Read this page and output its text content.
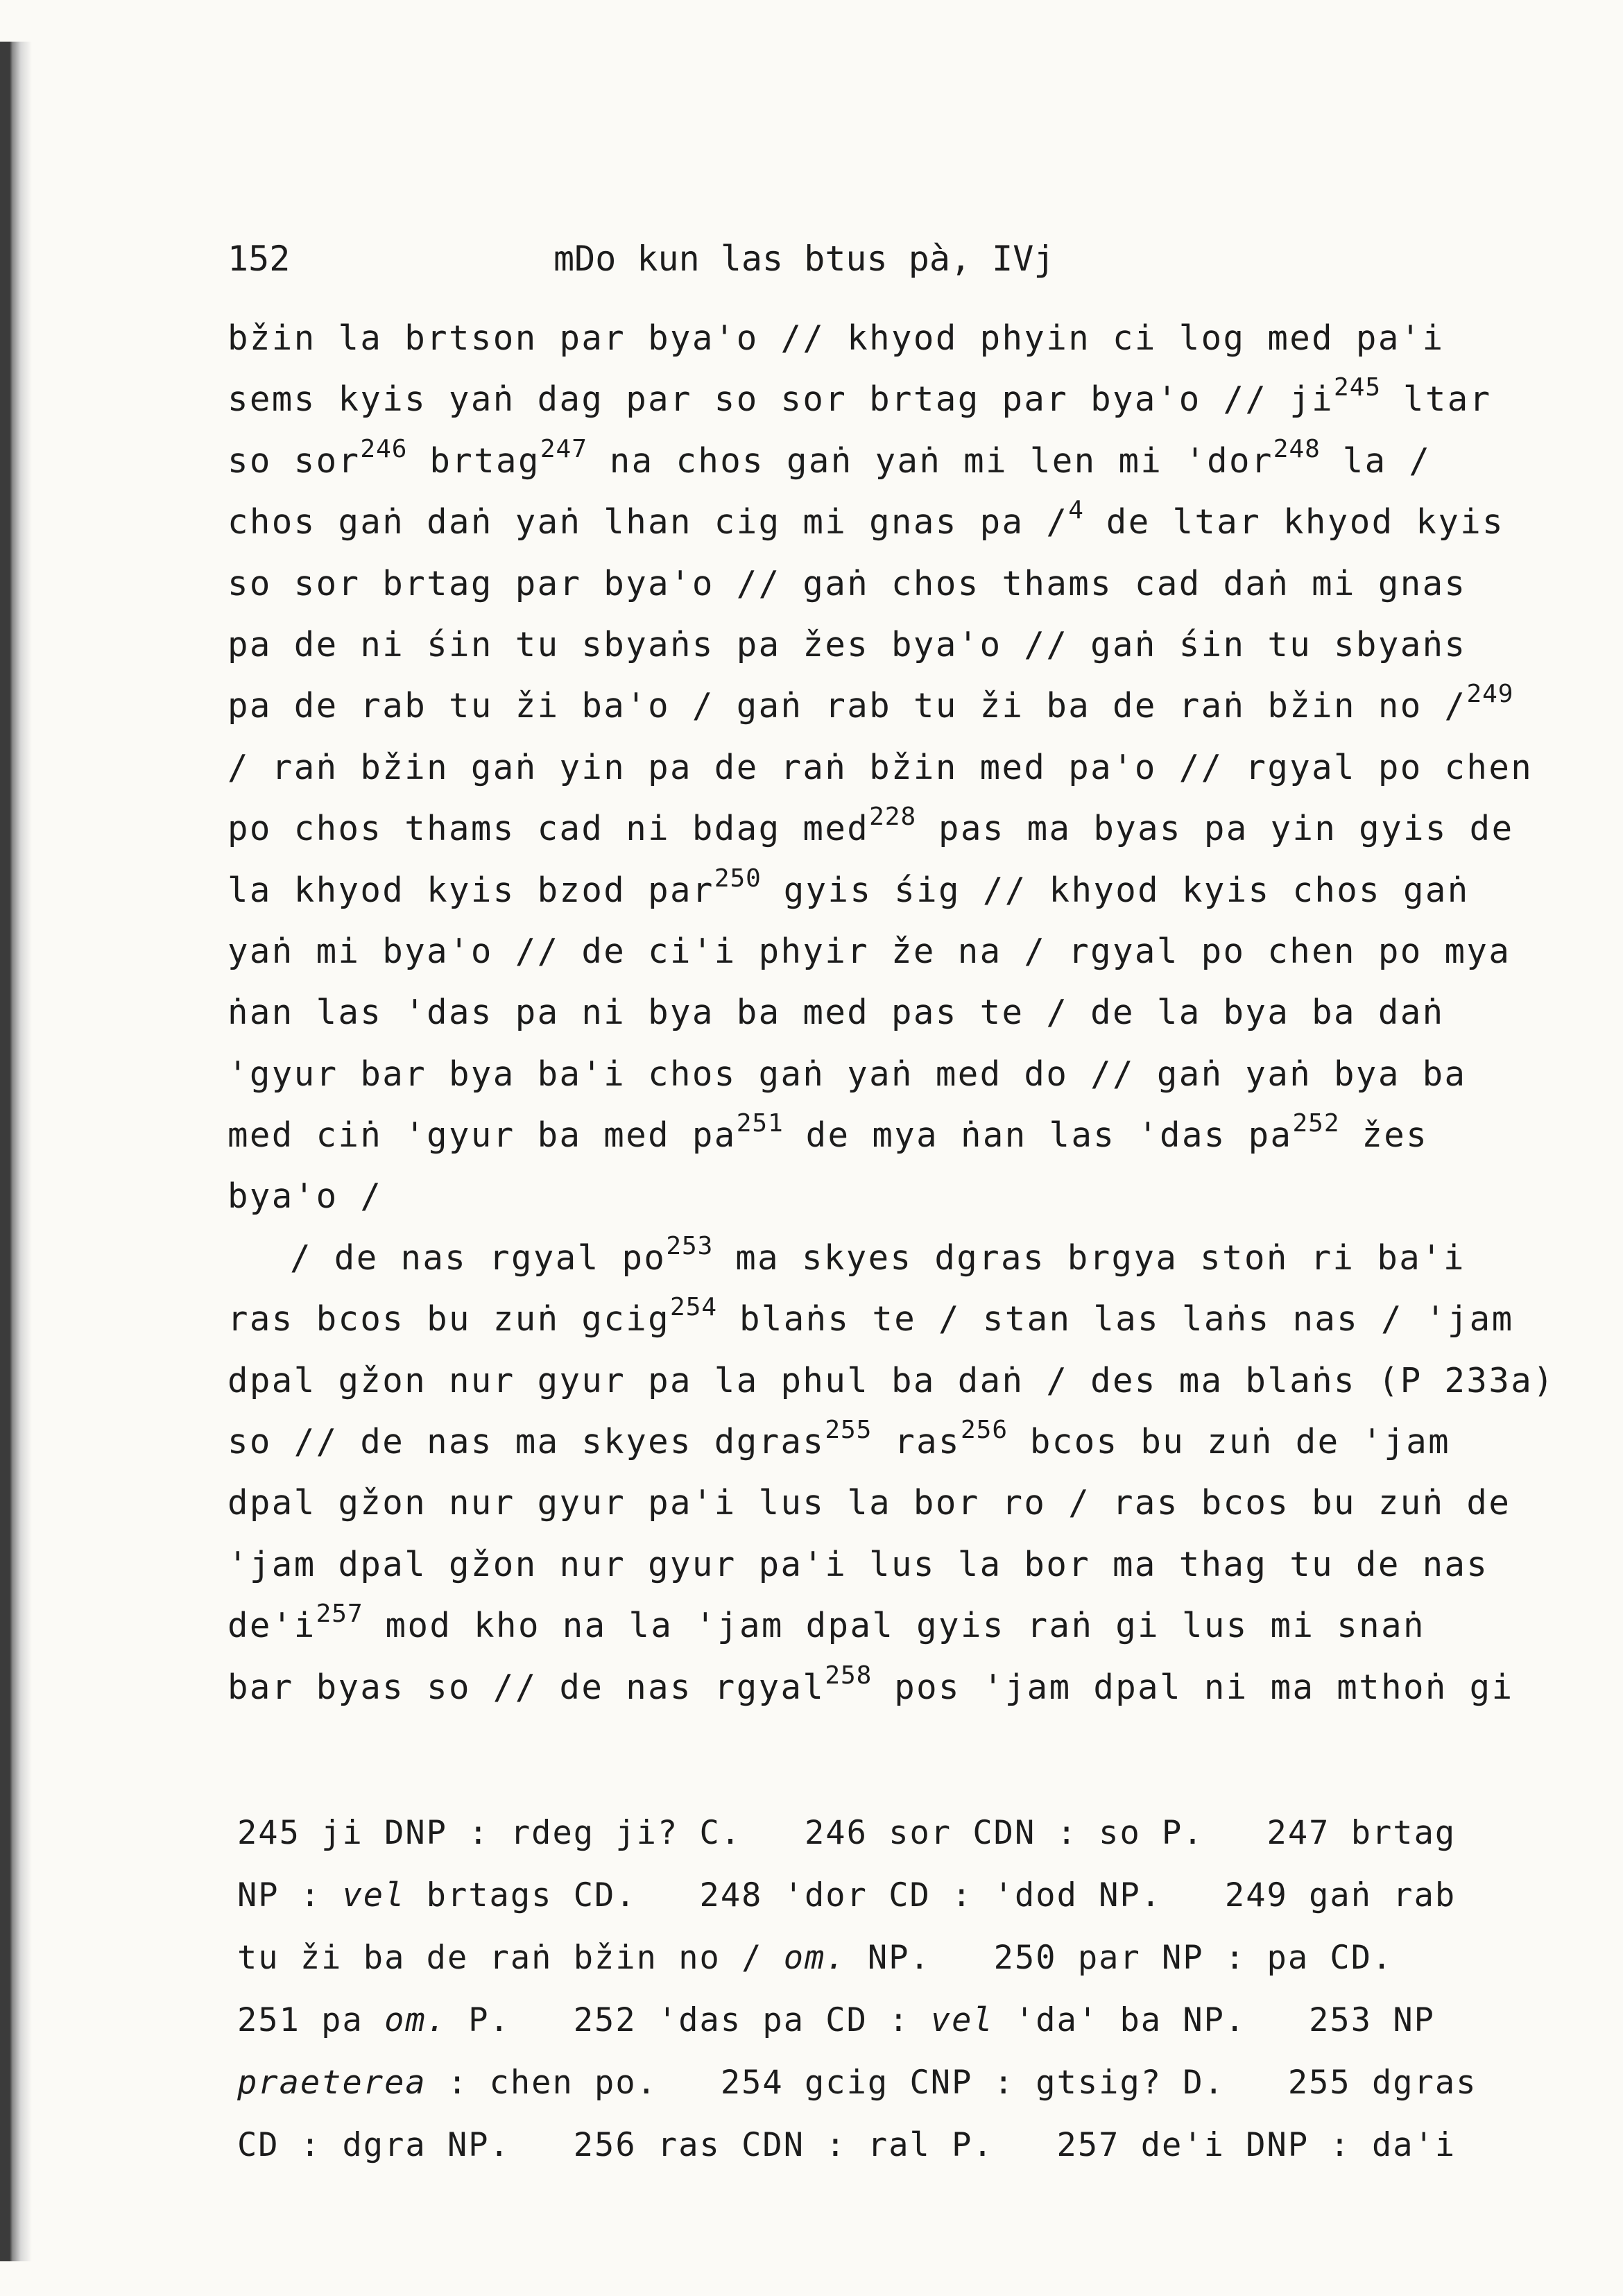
152	mDo kun las btus pà, IVj
bžin la brtson par bya'o // khyod phyin ci log med pa'i
sems kyis yaṅ dag par so sor brtag par $bya'o // ji^{245}$ ltar
so sor$^{246}$ brtag$^{247}$ na chos gaṅ yaṅ mi len mi 'dor$^{248}$ la /
chos gaṅ daṅ yaṅ lhan cig mi gnas pa /$^4$ de ltar khyod kyis
so sor brtag par bya'o // gaṅ chos thams cad daṅ mi gnas
pa de ni śin tu sbyaṅs pa žes bya'o // gaṅ śin tu sbyaṅs
pa de rab tu ži ba'o / gaṅ rab tu ži ba de raṅ bžin no /$^{249}$
/ raṅ bžin gaṅ yin pa de raṅ bžin med pa'o // rgyal po chen
po chos thams cad ni bdag med$^{228}$ pas ma byas pa yin gyis de
la khyod kyis bzod par$^{250}$ gyis śig // khyod kyis chos gaṅ
yaṅ mi bya'o // de ci'i phyir že na / rgyal po chen po mya
ṅan las 'das pa ni bya ba med pas te / de la bya ba daṅ
'gyur bar bya ba'i chos gaṅ yaṅ med do // gaṅ yaṅ bya ba
med ciṅ 'gyur ba med $pa^{251}$ de mya ṅan las 'das $pa^{252}$ žes
bya'o /
/ de nas rgyal $po^{253}$ ma skyes dgras brgya stoṅ ri ba'i
ras bcos bu zuṅ gcig$^{254}$ blaṅs te / stan las laṅs nas / 'jam
dpal gžon nur gyur pa la phul ba daṅ / des ma blaṅs (P 233a)
so // de nas ma skyes dgras$^{255}$ ras$^{256}$ bcos bu zuṅ de 'jam
dpal gžon nur gyur pa'i lus la bor ro / ras bcos bu zuṅ de
'jam dpal gžon nur gyur pa'i lus la bor ma thag tu de nas
$de'i^{257}$ mod kho na la 'jam dpal gyis raṅ gi lus mi snaṅ
bar byas so // de nas rgyal$^{258}$ pos 'jam dpal ni ma mthoṅ gi
245 ji DNP : rdeg ji? C.   246 sor CDN : so P.   247 brtag
NP : vel brtags CD.   248 'dor CD : 'dod NP.   249 gaṅ rab
tu ži ba de raṅ bžin no / om. NP.   250 par NP : pa CD.
251 pa om. P.   252 'das pa CD : vel 'da' ba NP.   253 NP
praeterea : chen po.   254 gcig CNP : gtsig? D.   255 dgras
CD : dgra NP.   256 ras CDN : ral P.   257 de'i DNP : da'i
